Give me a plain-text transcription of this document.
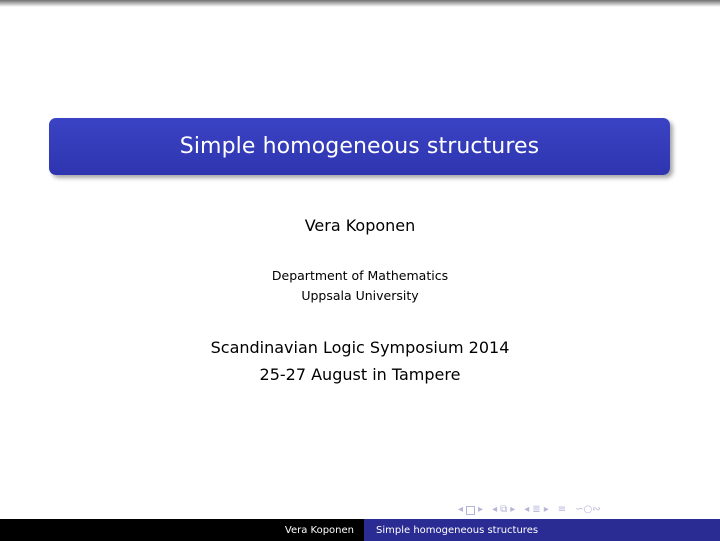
Simple homogeneous structures
Vera Koponen
Department of Mathematics
Uppsala University
Scandinavian Logic Symposium 2014
25-27 August in Tampere
◂ ▸ ◂ ⧉ ▸ ◂ ≣ ▸ ≡ ∽○∾
Vera Koponen	Simple homogeneous structures
